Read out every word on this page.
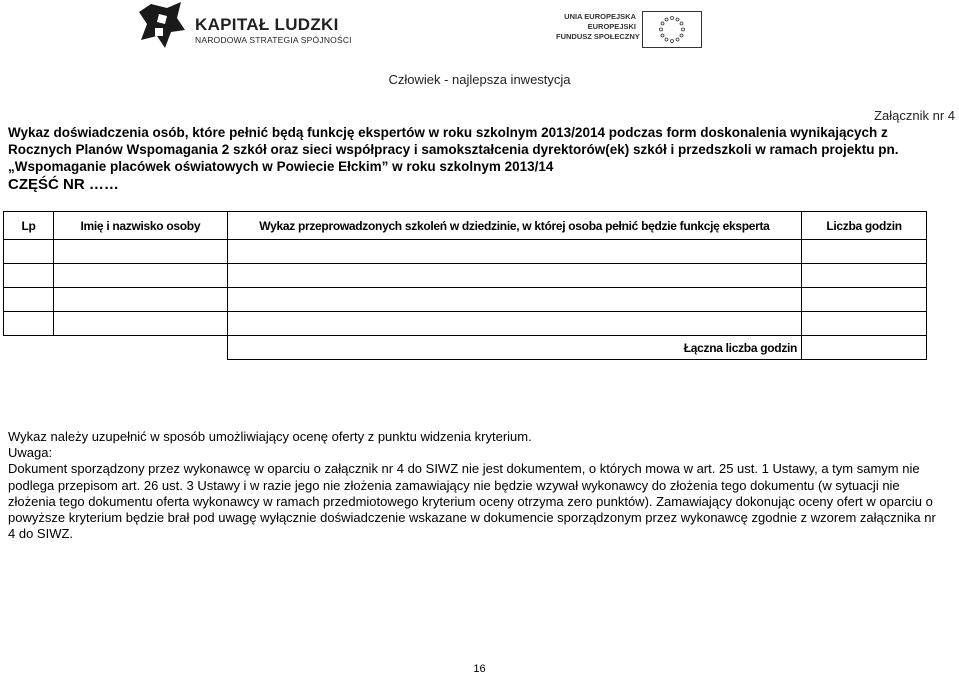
KAPITAŁ LUDZKI
NARODOWA STRATEGIA SPÓJNOŚCI
UNIA EUROPEJSKA
EUROPEJSKI
FUNDUSZ SPOŁECZNY
Człowiek - najlepsza inwestycja
Załącznik nr 4
Wykaz doświadczenia osób, które pełnić będą funkcję ekspertów w roku szkolnym 2013/2014 podczas form doskonalenia wynikających z Rocznych Planów Wspomagania 2 szkół oraz sieci współpracy i samokształcenia dyrektorów(ek) szkół i przedszkoli w ramach projektu pn.
„Wspomaganie placówek oświatowych w Powiecie Ełckim” w roku szkolnym 2013/14
CZĘŚĆ NR ……
Lp	Imię i nazwisko osoby	Wykaz przeprowadzonych szkoleń w dziedzinie, w której osoba pełnić będzie funkcję eksperta	Liczba godzin

		Łączna liczba godzin	

Wykaz należy uzupełnić w sposób umożliwiający ocenę oferty z punktu widzenia kryterium.

Uwaga:

Dokument sporządzony przez wykonawcę w oparciu o załącznik nr 4 do SIWZ nie jest dokumentem, o których mowa w art. 25 ust. 1 Ustawy, a tym samym nie podlega przepisom art. 26 ust. 3 Ustawy i w razie jego nie złożenia zamawiający nie będzie wzywał wykonawcy do złożenia tego dokumentu (w sytuacji nie złożenia tego dokumentu oferta wykonawcy w ramach przedmiotowego kryterium oceny otrzyma zero punktów). Zamawiający dokonując oceny ofert w oparciu o powyższe kryterium będzie brał pod uwagę wyłącznie doświadczenie wskazane w dokumencie sporządzonym przez wykonawcę zgodnie z wzorem załącznika nr 4 do SIWZ.

16
